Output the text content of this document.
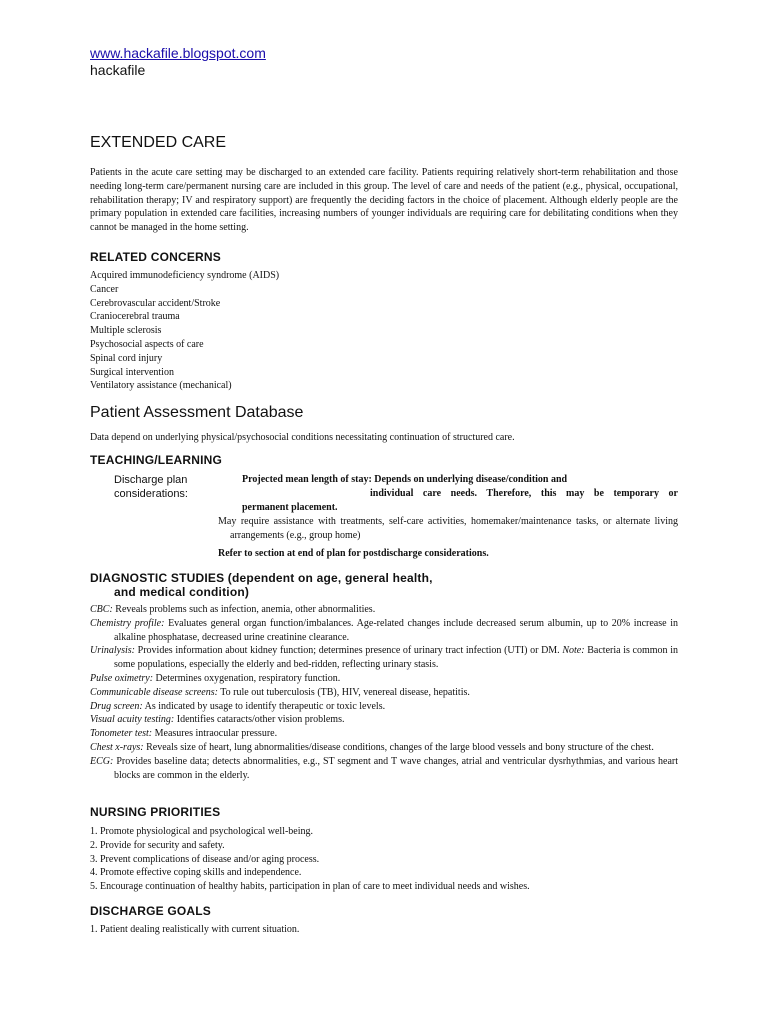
www.hackafile.blogspot.com

hackafile

EXTENDED CARE

Patients in the acute care setting may be discharged to an extended care facility. Patients requiring relatively short-term rehabilitation and those needing long-term care/permanent nursing care are included in this group. The level of care and needs of the patient (e.g., physical, occupational, rehabilitation therapy; IV and respiratory support) are frequently the deciding factors in the choice of placement. Although elderly people are the primary population in extended care facilities, increasing numbers of younger individuals are requiring care for debilitating conditions when they cannot be managed in the home setting.

RELATED CONCERNS
Acquired immunodeficiency syndrome (AIDS)
Cancer
Cerebrovascular accident/Stroke
Craniocerebral trauma
Multiple sclerosis
Psychosocial aspects of care
Spinal cord injury
Surgical intervention
Ventilatory assistance (mechanical)
Patient Assessment Database

Data depend on underlying physical/psychosocial conditions necessitating continuation of structured care.

TEACHING/LEARNING
Discharge plan
considerations:
Projected mean length of stay: Depends on underlying disease/condition and
individual care needs. Therefore, this may be temporary or
permanent placement.
May require assistance with treatments, self-care activities, homemaker/maintenance tasks, or alternate living arrangements (e.g., group home)
Refer to section at end of plan for postdischarge considerations.
DIAGNOSTIC STUDIES (dependent on age, general health,
and medical condition)
CBC: Reveals problems such as infection, anemia, other abnormalities.
Chemistry profile: Evaluates general organ function/imbalances. Age-related changes include decreased serum albumin, up to 20% increase in alkaline phosphatase, decreased urine creatinine clearance.
Urinalysis: Provides information about kidney function; determines presence of urinary tract infection (UTI) or DM. Note: Bacteria is common in some populations, especially the elderly and bed-ridden, reflecting urinary stasis.
Pulse oximetry: Determines oxygenation, respiratory function.
Communicable disease screens: To rule out tuberculosis (TB), HIV, venereal disease, hepatitis.
Drug screen: As indicated by usage to identify therapeutic or toxic levels.
Visual acuity testing: Identifies cataracts/other vision problems.
Tonometer test: Measures intraocular pressure.
Chest x-rays: Reveals size of heart, lung abnormalities/disease conditions, changes of the large blood vessels and bony structure of the chest.
ECG: Provides baseline data; detects abnormalities, e.g., ST segment and T wave changes, atrial and ventricular dysrhythmias, and various heart blocks are common in the elderly.
NURSING PRIORITIES
1. Promote physiological and psychological well-being.
2. Provide for security and safety.
3. Prevent complications of disease and/or aging process.
4. Promote effective coping skills and independence.
5. Encourage continuation of healthy habits, participation in plan of care to meet individual needs and wishes.
DISCHARGE GOALS
1. Patient dealing realistically with current situation.
